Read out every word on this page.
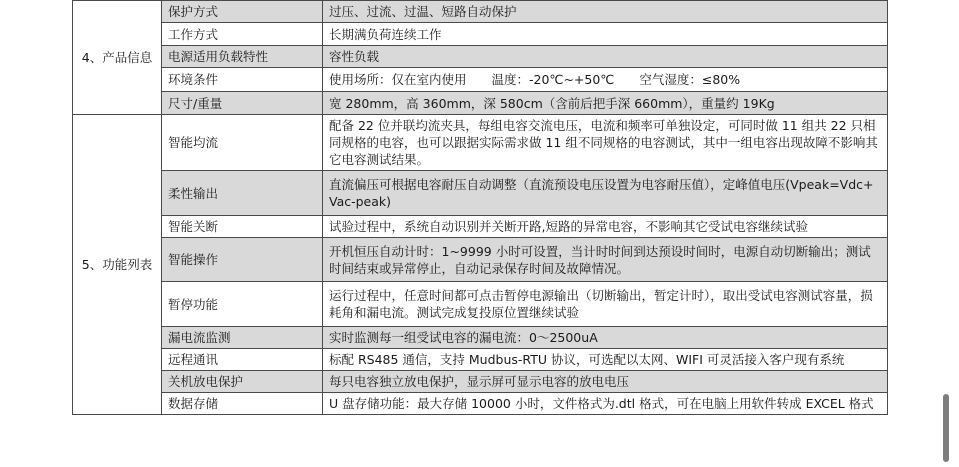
4、产品信息	保护方式	过压、过流、过温、短路自动保护
	工作方式	长期满负荷连续工作
	电源适用负载特性	容性负载
	环境条件	使用场所：仅在室内使用　　温度：-20℃~+50℃　　空气湿度：≤80%
	尺寸/重量	宽 280mm，高 360mm，深 580cm（含前后把手深 660mm），重量约 19Kg
5、功能列表	智能均流	配备 22 位并联均流夹具，每组电容交流电压，电流和频率可单独设定，可同时做 11 组共 22 只相同规格的电容，也可以跟据实际需求做 11 组不同规格的电容测试，其中一组电容出现故障不影响其它电容测试结果。
	柔性输出	直流偏压可根据电容耐压自动调整（直流预设电压设置为电容耐压值），定峰值电压(Vpeak=Vdc+Vac-peak)
	智能关断	试验过程中，系统自动识别并关断开路,短路的异常电容，不影响其它受试电容继续试验
	智能操作	开机恒压自动计时：1~9999 小时可设置，当计时时间到达预设时间时，电源自动切断输出；测试时间结束或异常停止，自动记录保存时间及故障情况。
	暂停功能	运行过程中，任意时间都可点击暂停电源输出（切断输出，暂定计时），取出受试电容测试容量，损耗角和漏电流。测试完成复投原位置继续试验
	漏电流监测	实时监测每一组受试电容的漏电流：0～2500uA
	远程通讯	标配 RS485 通信，支持 Mudbus-RTU 协议，可选配以太网、WIFI 可灵活接入客户现有系统
	关机放电保护	每只电容独立放电保护，显示屏可显示电容的放电电压
	数据存储	U 盘存储功能：最大存储 10000 小时，文件格式为.dtl 格式，可在电脑上用软件转成 EXCEL 格式
